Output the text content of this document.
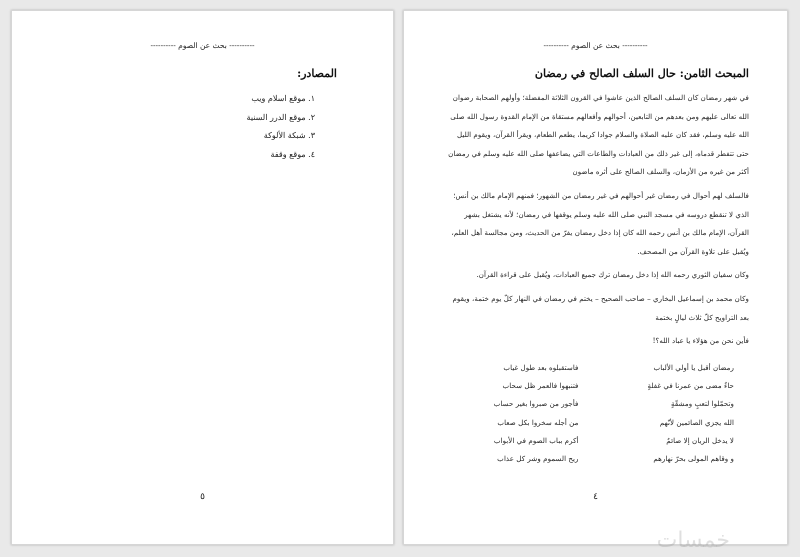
---------- بحث عن الصوم ----------
المصادر:
١. موقع اسلام ويب
٢. موقع الدرر السنية
٣. شبكة الألوكة
٤. موقع وقفة
٥
---------- بحث عن الصوم ----------
المبحث الثامن: حال السلف الصالح في رمضان

في شهر رمضان كان السلف الصالح الذين عاشوا في القرون الثلاثة المفضلة؛ وأولهم الصحابة رضوان الله تعالى عليهم ومن بعدهم من التابعين، أحوالهم وأفعالهم مستقاة من الإمام القدوة رسول الله صلى الله عليه وسلم، فقد كان عليه الصلاة والسلام جوادا كريما، يطعم الطعام، ويقرأ القرآن، ويقوم الليل حتى تتفطر قدماه، إلى غير ذلك من العبادات والطاعات التي يضاعفها صلى الله عليه وسلم في رمضان أكثر من غيره من الأزمان، والسلف الصالح على أثره ماضون

فالسلف لهم أحوال في رمضان غير أحوالهم في غير رمضان من الشهور؛ فمنهم الإمام مالك بن أنس؛ الذي لا تنقطع دروسه في مسجد النبي صلى الله عليه وسلم يوقفها في رمضان؛ لأنه يشتغل بشهر القرآن، الإمام مالك بن أنس رحمه الله كان إذا دخل رمضان يفرّ من الحديث، ومن مجالسة أهل العلم، ويُقبل على تلاوة القرآن من المصحف.

وكان سفيان الثوري رحمه الله إذا دخل رمضان ترك جميع العبادات، ويُقبل على قراءة القرآن.

وكان محمد بن إسماعيل البخاري – صاحب الصحيح – يختم في رمضان في النهار كلّ يوم ختمة، ويقوم بعد التراويح كلّ ثلاث ليالٍ بختمة

فأين نحن من هؤلاء يا عباد الله؟!

رمضان أقبل يا أولي الألباب
حاءٌ مضى من عمرنا في غفلةٍ
وتحمّلوا لتعبٍ ومشقّةٍ
الله يجزي الصائمين لأنّهم
لا يدخل الريان إلا صائمٌ
و وقاهم المولى بحرّ نهارهم
فاستقبلوه بعد طول غياب
فتنبهوا فالعمر ظل سحاب
فأجور من صبروا بغير حساب
من أجله سخروا بكل صعاب
أكرم بباب الصوم في الأبواب
ريح السموم وشر كل عذاب
٤
خمسات
